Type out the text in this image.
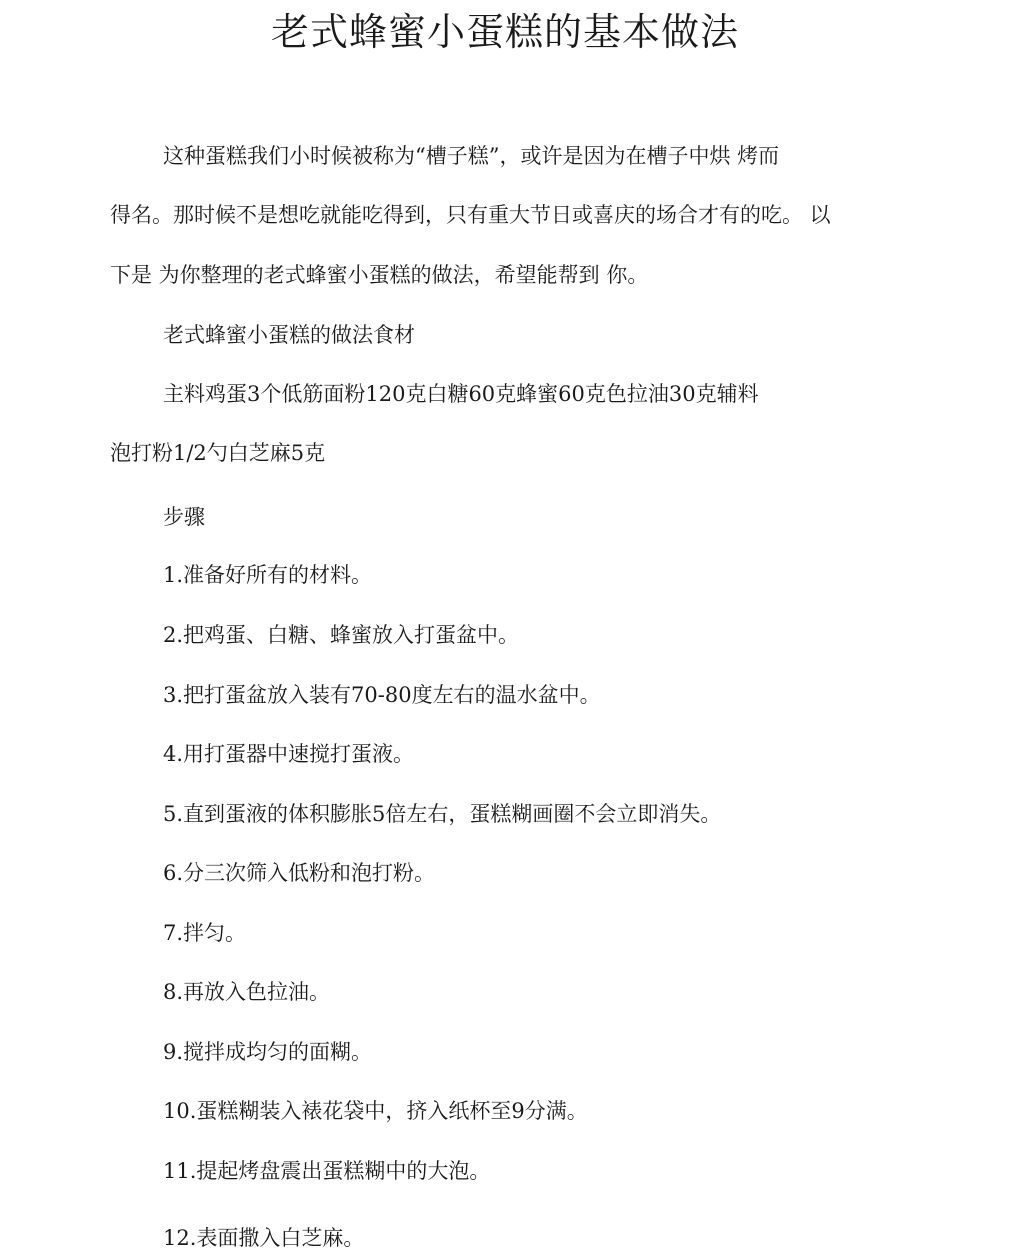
老式蜂蜜小蛋糕的基本做法

这种蛋糕我们小时候被称为“槽子糕”，或许是因为在槽子中烘 烤而

得名。那时候不是想吃就能吃得到，只有重大节日或喜庆的场合才有的吃。 以

下是 为你整理的老式蜂蜜小蛋糕的做法，希望能帮到 你。

老式蜂蜜小蛋糕的做法食材

主料鸡蛋3个低筋面粉120克白糖60克蜂蜜60克色拉油30克辅料

泡打粉1/2勺白芝麻5克

步骤

1.准备好所有的材料。

2.把鸡蛋、白糖、蜂蜜放入打蛋盆中。

3.把打蛋盆放入装有70-80度左右的温水盆中。

4.用打蛋器中速搅打蛋液。

5.直到蛋液的体积膨胀5倍左右，蛋糕糊画圈不会立即消失。

6.分三次筛入低粉和泡打粉。

7.拌匀。

8.再放入色拉油。

9.搅拌成均匀的面糊。

10.蛋糕糊装入裱花袋中，挤入纸杯至9分满。

11.提起烤盘震出蛋糕糊中的大泡。

12.表面撒入白芝麻。
